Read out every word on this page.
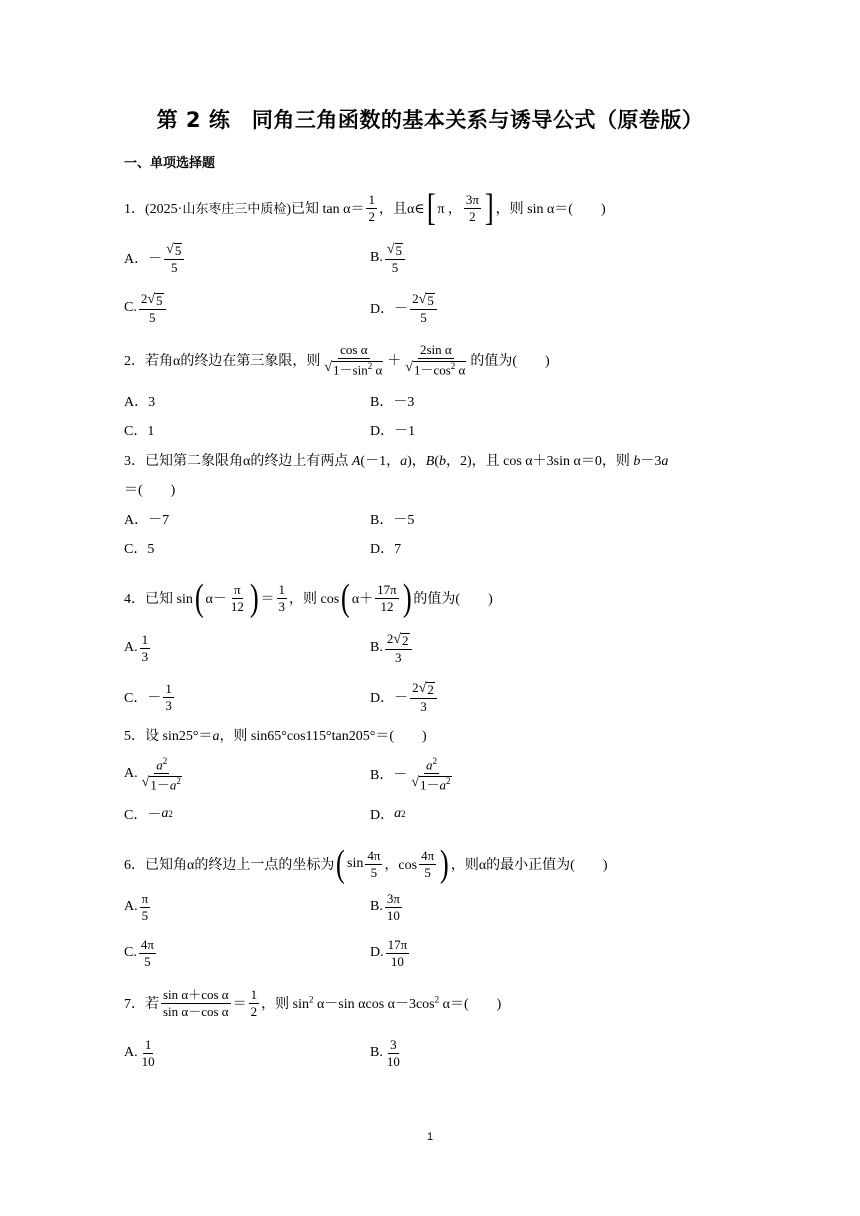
第 2 练　同角三角函数的基本关系与诱导公式（原卷版）
一、单项选择题
1．(2025·山东枣庄三中质检)已知 $\tan \alpha= \frac{1}{2}$ ，且α∈ [ π ， $\frac{3\pi}{2}$ ] ，则 sin α＝(　　)
A．－ $\frac{√ 5}{5}$	B. $\frac{√ 5}{5}$
C. $\frac{2 √ 5}{5}$	D．－ $\frac{2 √ 5}{5}$
2．若角α的终边在第三象限，则 $\frac{\text{cos α}}{√ 1-\sin^2 \alpha} + \frac{\text{2sin α}}{√ 1-\cos^2 \alpha}$ 的值为(　　)
A．3	B．－3
C．1	D．－1
3．已知第二象限角α的终边上有两点 A(－1，a)，B(b，2)，且 cos α＋3sin α＝0，则 b－3a
＝(　　)
A．－7	B．－5
C．5	D．7
4．已知 sin ( $\alpha- \frac{\pi}{12}$ ) ＝ $\frac{1}{3}$ ，则 cos ( $\alpha+ \frac{17\pi}{12}$ ) 的值为(　　)
A. $\frac{1}{3}$	B. $\frac{2 √ 2}{3}$
C．－ $\frac{1}{3}$	D．－ $\frac{2 √ 2}{3}$
5．设 sin25°＝a，则 sin65°cos115°tan205°＝(　　)
A. $\frac{a^2}{√ 1-a^2}$	B．－ $\frac{a^2}{√ 1-a^2}$
C．－ a 2	D． a 2
6．已知角α的终边上一点的坐标为 ( $\sin \frac{4\pi}{5}$ ，$\cos \frac{4\pi}{5}$ ) ，则α的最小正值为(　　)
A. $\frac{\pi}{5}$	B. $\frac{3\pi}{10}$
C. $\frac{4\pi}{5}$	D. $\frac{17\pi}{10}$
7．若 $\frac{\text{sin α＋cos α}}{\text{sin α－cos α}} = \frac{1}{2}$ ，则 $\sin^2 \alpha-\sin$ αcos $\alpha-3\cos^2$ α＝(　　)
A. $\frac{1}{10}$	B. $\frac{3}{10}$
1
